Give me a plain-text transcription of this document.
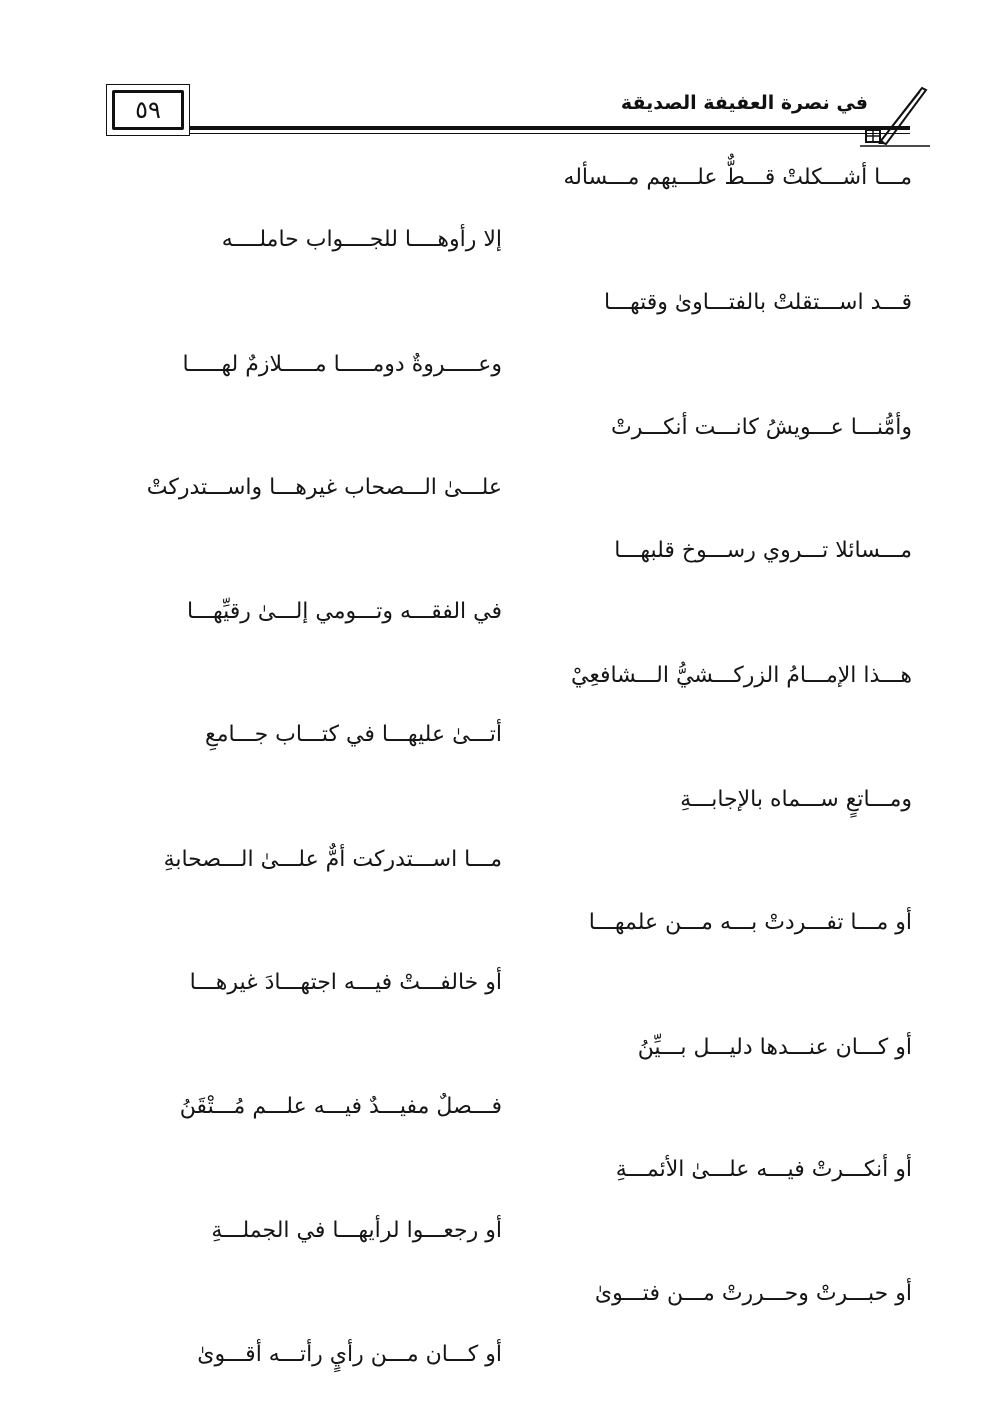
٥٩	في نصرة العفيفة الصديقة
مـــا أشـــكلتْ قـــطٌّ علـــيهم مـــسأله
إلا رأوهــــا للجــــواب حاملــــه
قـــد اســـتقلتْ بالفتـــاوىٰ وقتهـــا
وعـــــروةٌ دومـــــا مـــــلازمٌ لهـــــا
وأمُّنـــا عـــويشُ كانـــت أنكـــرتْ
علـــىٰ الـــصحاب غيرهـــا واســـتدركتْ
مـــسائلا تـــروي رســـوخ قلبهـــا
في الفقـــه وتـــومي إلـــىٰ رقيِّهـــا
هـــذا الإمـــامُ الزركـــشيُّ الـــشافعِيْ
أتـــىٰ عليهـــا في كتـــاب جـــامعِ
ومـــاتعٍ ســـماه بالإجابـــةِ
مـــا اســـتدركت أمٌّ علـــىٰ الـــصحابةِ
أو مـــا تفـــردتْ بـــه مـــن علمهـــا
أو خالفـــتْ فيـــه اجتهـــادَ غيرهـــا
أو كـــان عنـــدها دليـــل بـــيِّنُ
فـــصلٌ مفيـــدٌ فيـــه علـــم مُـــتْقَنُ
أو أنكـــرتْ فيـــه علـــىٰ الأئمـــةِ
أو رجعـــوا لرأيهـــا في الجملـــةِ
أو حبـــرتْ وحـــررتْ مـــن فتـــوىٰ
أو كـــان مـــن رأيٍ رأتـــه أقـــوىٰ
